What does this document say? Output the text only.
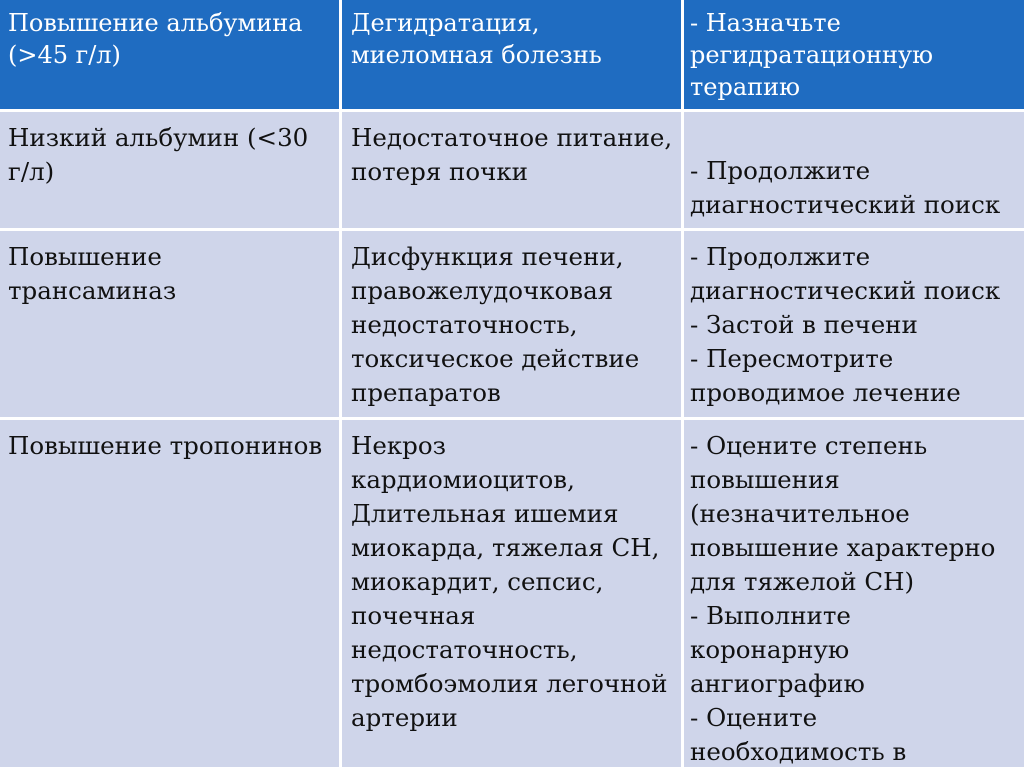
Повышение альбумина
(>45 г/л)
Дегидратация,
миеломная болезнь
- Назначьте
регидратационную
терапию
Низкий альбумин (<30
г/л)
Недостаточное питание,
потеря почки	- Продолжите
диагностический поиск
Повышение
трансаминаз
Дисфункция печени,
правожелудочковая
недостаточность,
токсическое действие
препаратов
- Продолжите
диагностический поиск
- Застой в печени
- Пересмотрите
проводимое лечение
Повышение тропонинов	Некроз
кардиомиоцитов,
Длительная ишемия
миокарда, тяжелая СН,
миокардит, сепсис,
почечная
недостаточность,
тромбоэмолия легочной
артерии
- Оцените степень
повышения
(незначительное
повышение характерно
для тяжелой СН)
- Выполните
коронарную
ангиографию
- Оцените
необходимость в
